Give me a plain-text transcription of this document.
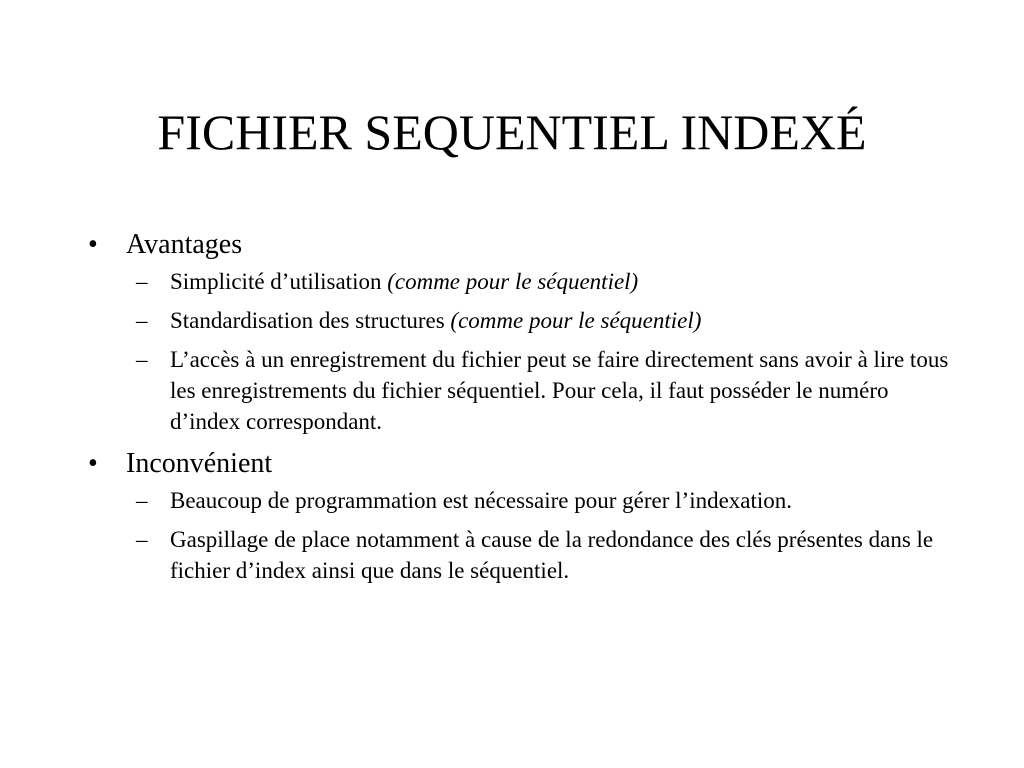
FICHIER SEQUENTIEL INDEXÉ
• Avantages
– Simplicité d’utilisation (comme pour le séquentiel)
– Standardisation des structures (comme pour le séquentiel)
– L’accès à un enregistrement du fichier peut se faire directement sans avoir à lire tous les enregistrements du fichier séquentiel. Pour cela, il faut posséder le numéro d’index correspondant.
• Inconvénient
– Beaucoup de programmation est nécessaire pour gérer l’indexation.
– Gaspillage de place notamment à cause de la redondance des clés présentes dans le fichier d’index ainsi que dans le séquentiel.
